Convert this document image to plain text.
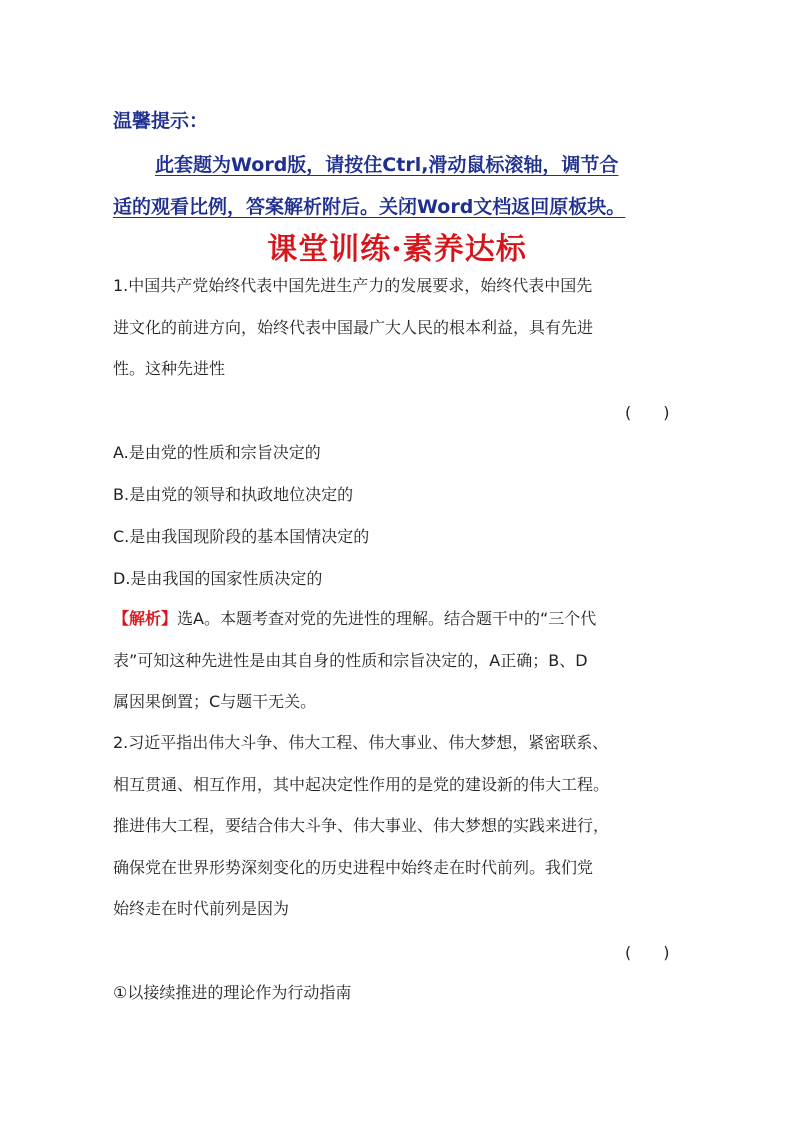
温馨提示：
此套题为Word版，请按住Ctrl,滑动鼠标滚轴，调节合
适的观看比例，答案解析附后。关闭Word文档返回原板块。
课堂训练·素养达标
1.中国共产党始终代表中国先进生产力的发展要求，始终代表中国先
进文化的前进方向，始终代表中国最广大人民的根本利益，具有先进
性。这种先进性
(　　)
A.是由党的性质和宗旨决定的
B.是由党的领导和执政地位决定的
C.是由我国现阶段的基本国情决定的
D.是由我国的国家性质决定的
【解析】选A。本题考查对党的先进性的理解。结合题干中的“三个代
表”可知这种先进性是由其自身的性质和宗旨决定的，A正确；B、D
属因果倒置；C与题干无关。
2.习近平指出伟大斗争、伟大工程、伟大事业、伟大梦想，紧密联系、
相互贯通、相互作用，其中起决定性作用的是党的建设新的伟大工程。
推进伟大工程，要结合伟大斗争、伟大事业、伟大梦想的实践来进行，
确保党在世界形势深刻变化的历史进程中始终走在时代前列。我们党
始终走在时代前列是因为
(　　)
①以接续推进的理论作为行动指南
